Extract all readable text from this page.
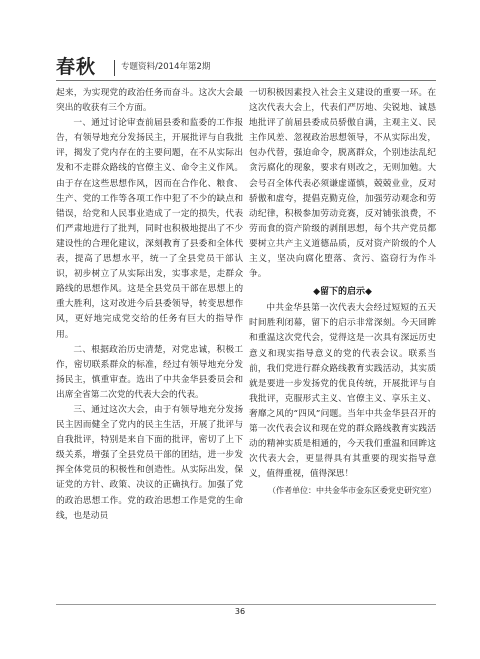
春秋	专题资料/2014年第2期

起来，为实现党的政治任务而奋斗。这次大会最突出的收获有三个方面。

一、通过讨论审查前届县委和监委的工作报告，有领导地充分发扬民主，开展批评与自我批评，揭发了党内存在的主要问题，在不从实际出发和不走群众路线的官僚主义、命令主义作风。由于存在这些思想作风，因而在合作化、粮食、生产、党的工作等各项工作中犯了不少的缺点和错误，给党和人民事业造成了一定的损失，代表们严肃地进行了批判，同时也积极地提出了不少建设性的合理化建议，深刻教育了县委和全体代表，提高了思想水平，统一了全县党员干部认识，初步树立了从实际出发，实事求是，走群众路线的思想作风。这是全县党员干部在思想上的重大胜利，这对改进今后县委领导，转变思想作风，更好地完成党交给的任务有巨大的指导作用。

二、根据政治历史清楚，对党忠诚，积极工作，密切联系群众的标准，经过有领导地充分发扬民主，慎重审查。选出了中共金华县委员会和出席全省第二次党的代表大会的代表。

三、通过这次大会，由于有领导地充分发扬民主因而健全了党内的民主生活，开展了批评与自我批评，特别是来自下面的批评，密切了上下级关系，增强了全县党员干部的团结，进一步发挥全体党员的积极性和创造性。从实际出发，保证党的方针、政策、决议的正确执行。加强了党的政治思想工作。党的政治思想工作是党的生命线，也是动员

一切积极因素投入社会主义建设的重要一环。在这次代表大会上，代表们严厉地、尖锐地、诚恳地批评了前届县委成员骄傲自满，主观主义、民主作风差、忽视政治思想领导，不从实际出发，包办代替，强迫命令，脱离群众，个别违法乱纪贪污腐化的现象，要求有则改之，无则加勉。大会号召全体代表必须谦虚谨慎，兢兢业业，反对骄傲和虚夸，提倡克勤克俭，加强劳动观念和劳动纪律，积极参加劳动竞赛，反对铺张浪费，不劳而食的资产阶级的剥削思想，每个共产党员都要树立共产主义道德品质，反对资产阶级的个人主义，坚决向腐化堕落、贪污、盗窃行为作斗争。

◆留下的启示◆

中共金华县第一次代表大会经过短短的五天时间胜利闭幕，留下的启示非常深刻。今天回眸和重温这次党代会，觉得这是一次具有深远历史意义和现实指导意义的党的代表会议。联系当前，我们党进行群众路线教育实践活动，其实质就是要进一步发扬党的优良传统，开展批评与自我批评，克服形式主义、官僚主义、享乐主义、奢靡之风的“四风”问题。当年中共金华县召开的第一次代表会议和现在党的群众路线教育实践活动的精神实质是相通的，今天我们重温和回眸这次代表大会，更显得具有其重要的现实指导意义，值得重视，值得深思！

（作者单位：中共金华市金东区委党史研究室）
36
